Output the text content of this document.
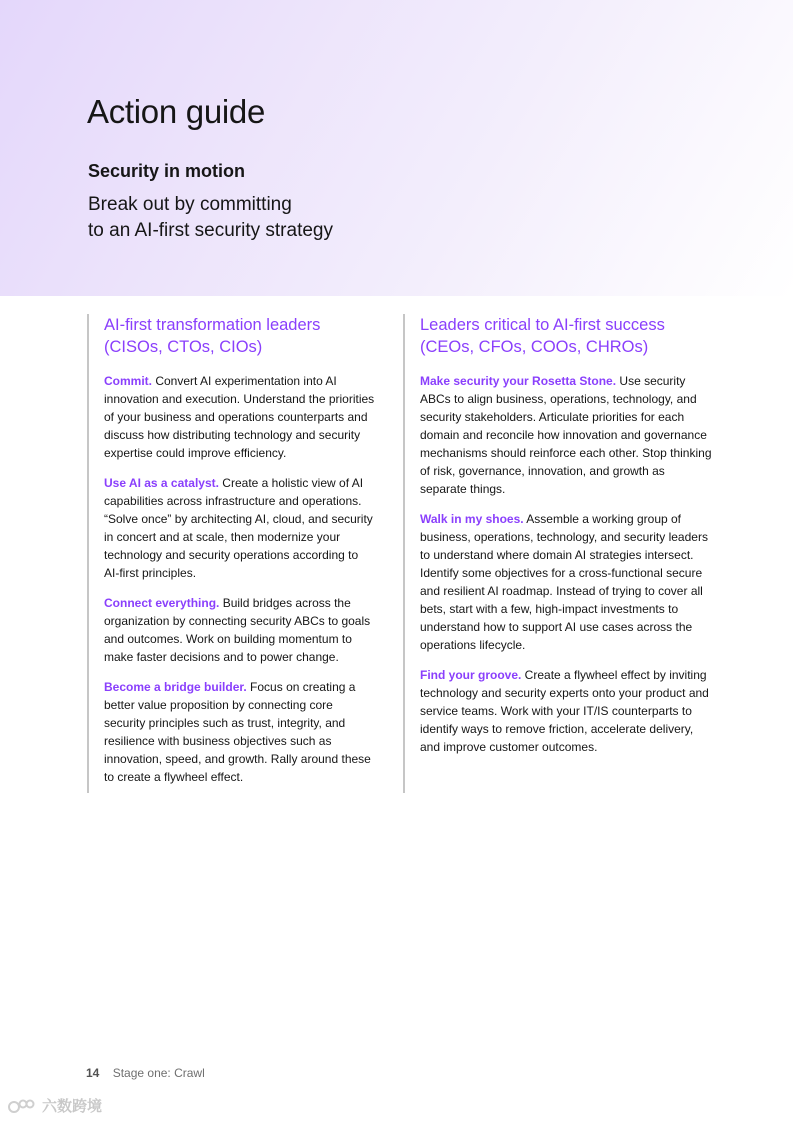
Action guide
Security in motion

Break out by committing
to an AI-first security strategy

AI-first transformation leaders
(CISOs, CTOs, CIOs)

Commit. Convert AI experimentation into AI innovation and execution. Understand the priorities of your business and operations counterparts and discuss how distributing technology and security expertise could improve efficiency.

Use AI as a catalyst. Create a holistic view of AI capabilities across infrastructure and operations. “Solve once” by architecting AI, cloud, and security in concert and at scale, then modernize your technology and security operations according to AI-first principles.

Connect everything. Build bridges across the organization by connecting security ABCs to goals and outcomes. Work on building momentum to make faster decisions and to power change.

Become a bridge builder. Focus on creating a better value proposition by connecting core security principles such as trust, integrity, and resilience with business objectives such as innovation, speed, and growth. Rally around these to create a flywheel effect.

Leaders critical to AI-first success
(CEOs, CFOs, COOs, CHROs)

Make security your Rosetta Stone. Use security ABCs to align business, operations, technology, and security stakeholders. Articulate priorities for each domain and reconcile how innovation and governance mechanisms should reinforce each other. Stop thinking of risk, governance, innovation, and growth as separate things.

Walk in my shoes. Assemble a working group of business, operations, technology, and security leaders to understand where domain AI strategies intersect. Identify some objectives for a cross-functional secure and resilient AI roadmap. Instead of trying to cover all bets, start with a few, high-impact investments to understand how to support AI use cases across the operations lifecycle.

Find your groove. Create a flywheel effect by inviting technology and security experts onto your product and service teams. Work with your IT/IS counterparts to identify ways to remove friction, accelerate delivery, and improve customer outcomes.

14 Stage one: Crawl
六数跨境
